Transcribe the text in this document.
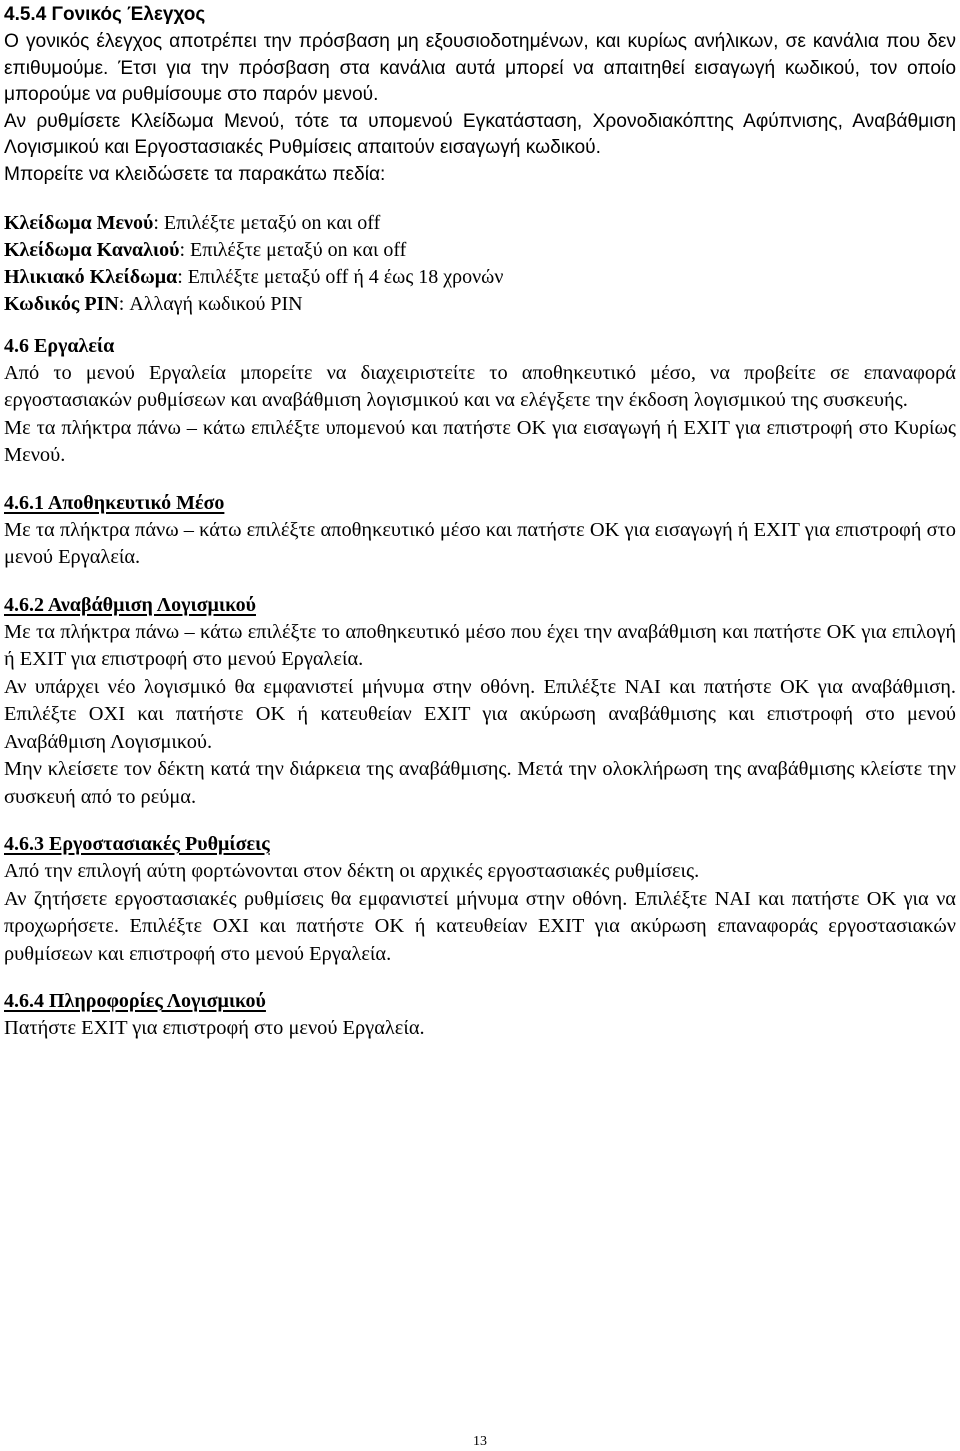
4.5.4 Γονικός Έλεγχος

Ο γονικός έλεγχος αποτρέπει την πρόσβαση μη εξουσιοδοτημένων, και κυρίως ανήλικων, σε κανάλια που δεν επιθυμούμε. Έτσι για την πρόσβαση στα κανάλια αυτά μπορεί να απαιτηθεί εισαγωγή κωδικού, τον οποίο μπορούμε να ρυθμίσουμε στο παρόν μενού.

Αν ρυθμίσετε Κλείδωμα Μενού, τότε τα υπομενού Εγκατάσταση, Χρονοδιακόπτης Αφύπνισης, Αναβάθμιση Λογισμικού και Εργοστασιακές Ρυθμίσεις απαιτούν εισαγωγή κωδικού.

Μπορείτε να κλειδώσετε τα παρακάτω πεδία:

Κλείδωμα Μενού: Επιλέξτε μεταξύ on και off
Κλείδωμα Καναλιού: Επιλέξτε μεταξύ on και off
Ηλικιακό Κλείδωμα: Επιλέξτε μεταξύ off ή 4 έως 18 χρονών
Κωδικός PIN: Αλλαγή κωδικού PIN
4.6 Εργαλεία

Από το μενού Εργαλεία μπορείτε να διαχειριστείτε το αποθηκευτικό μέσο, να προβείτε σε επαναφορά εργοστασιακών ρυθμίσεων και αναβάθμιση λογισμικού και να ελέγξετε την έκδοση λογισμικού της συσκευής.

Με τα πλήκτρα πάνω – κάτω επιλέξτε υπομενού και πατήστε ΟΚ για εισαγωγή ή EXIT για επιστροφή στο Κυρίως Μενού.

4.6.1 Αποθηκευτικό Μέσο

Με τα πλήκτρα πάνω – κάτω επιλέξτε αποθηκευτικό μέσο και πατήστε ΟΚ για εισαγωγή ή EXIT για επιστροφή στο μενού Εργαλεία.

4.6.2 Αναβάθμιση Λογισμικού

Με τα πλήκτρα πάνω – κάτω επιλέξτε το αποθηκευτικό μέσο που έχει την αναβάθμιση και πατήστε ΟΚ για επιλογή ή EXIT για επιστροφή στο μενού Εργαλεία.

Αν υπάρχει νέο λογισμικό θα εμφανιστεί μήνυμα στην οθόνη. Επιλέξτε ΝΑΙ και πατήστε ΟΚ για αναβάθμιση. Επιλέξτε ΟΧΙ και πατήστε ΟΚ ή κατευθείαν EXIT για ακύρωση αναβάθμισης και επιστροφή στο μενού Αναβάθμιση Λογισμικού.

Μην κλείσετε τον δέκτη κατά την διάρκεια της αναβάθμισης. Μετά την ολοκλήρωση της αναβάθμισης κλείστε την συσκευή από το ρεύμα.

4.6.3 Εργοστασιακές Ρυθμίσεις

Από την επιλογή αύτη φορτώνονται στον δέκτη οι αρχικές εργοστασιακές ρυθμίσεις.

Αν ζητήσετε εργοστασιακές ρυθμίσεις θα εμφανιστεί μήνυμα στην οθόνη. Επιλέξτε ΝΑΙ και πατήστε ΟΚ για να προχωρήσετε. Επιλέξτε ΟΧΙ και πατήστε ΟΚ ή κατευθείαν EXIT για ακύρωση επαναφοράς εργοστασιακών ρυθμίσεων και επιστροφή στο μενού Εργαλεία.

4.6.4 Πληροφορίες Λογισμικού

Πατήστε EXIT για επιστροφή στο μενού Εργαλεία.

13
